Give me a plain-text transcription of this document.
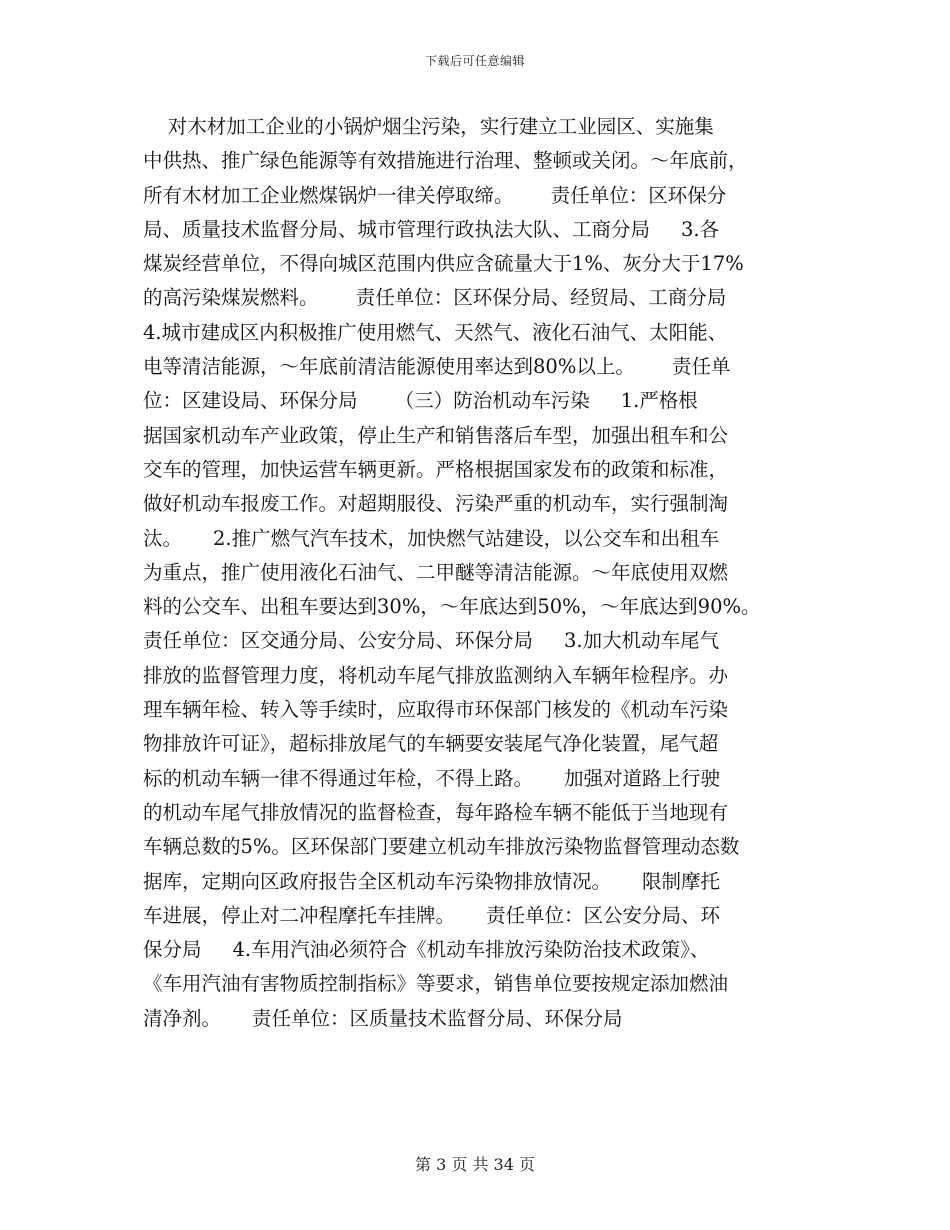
下载后可任意编辑
对木材加工企业的小锅炉烟尘污染，实行建立工业园区、实施集
中供热、推广绿色能源等有效措施进行治理、整顿或关闭。～年底前，
所有木材加工企业燃煤锅炉一律关停取缔。      责任单位：区环保分
局、质量技术监督分局、城市管理行政执法大队、工商分局     3.各
煤炭经营单位，不得向城区范围内供应含硫量大于1%、灰分大于17%
的高污染煤炭燃料。      责任单位：区环保分局、经贸局、工商分局
4.城市建成区内积极推广使用燃气、天然气、液化石油气、太阳能、
电等清洁能源，～年底前清洁能源使用率达到80%以上。      责任单
位：区建设局、环保分局      （三）防治机动车污染     1.严格根
据国家机动车产业政策，停止生产和销售落后车型，加强出租车和公
交车的管理，加快运营车辆更新。严格根据国家发布的政策和标准，
做好机动车报废工作。对超期服役、污染严重的机动车，实行强制淘
汰。     2.推广燃气汽车技术，加快燃气站建设，以公交车和出租车
为重点，推广使用液化石油气、二甲醚等清洁能源。～年底使用双燃
料的公交车、出租车要达到30%，～年底达到50%，～年底达到90%。
责任单位：区交通分局、公安分局、环保分局     3.加大机动车尾气
排放的监督管理力度，将机动车尾气排放监测纳入车辆年检程序。办
理车辆年检、转入等手续时，应取得市环保部门核发的《机动车污染
物排放许可证》，超标排放尾气的车辆要安装尾气净化装置，尾气超
标的机动车辆一律不得通过年检，不得上路。     加强对道路上行驶
的机动车尾气排放情况的监督检查，每年路检车辆不能低于当地现有
车辆总数的5%。区环保部门要建立机动车排放污染物监督管理动态数
据库，定期向区政府报告全区机动车污染物排放情况。     限制摩托
车进展，停止对二冲程摩托车挂牌。     责任单位：区公安分局、环
保分局     4.车用汽油必须符合《机动车排放污染防治技术政策》、
《车用汽油有害物质控制指标》等要求，销售单位要按规定添加燃油
清净剂。     责任单位：区质量技术监督分局、环保分局
第 3 页 共 34 页
